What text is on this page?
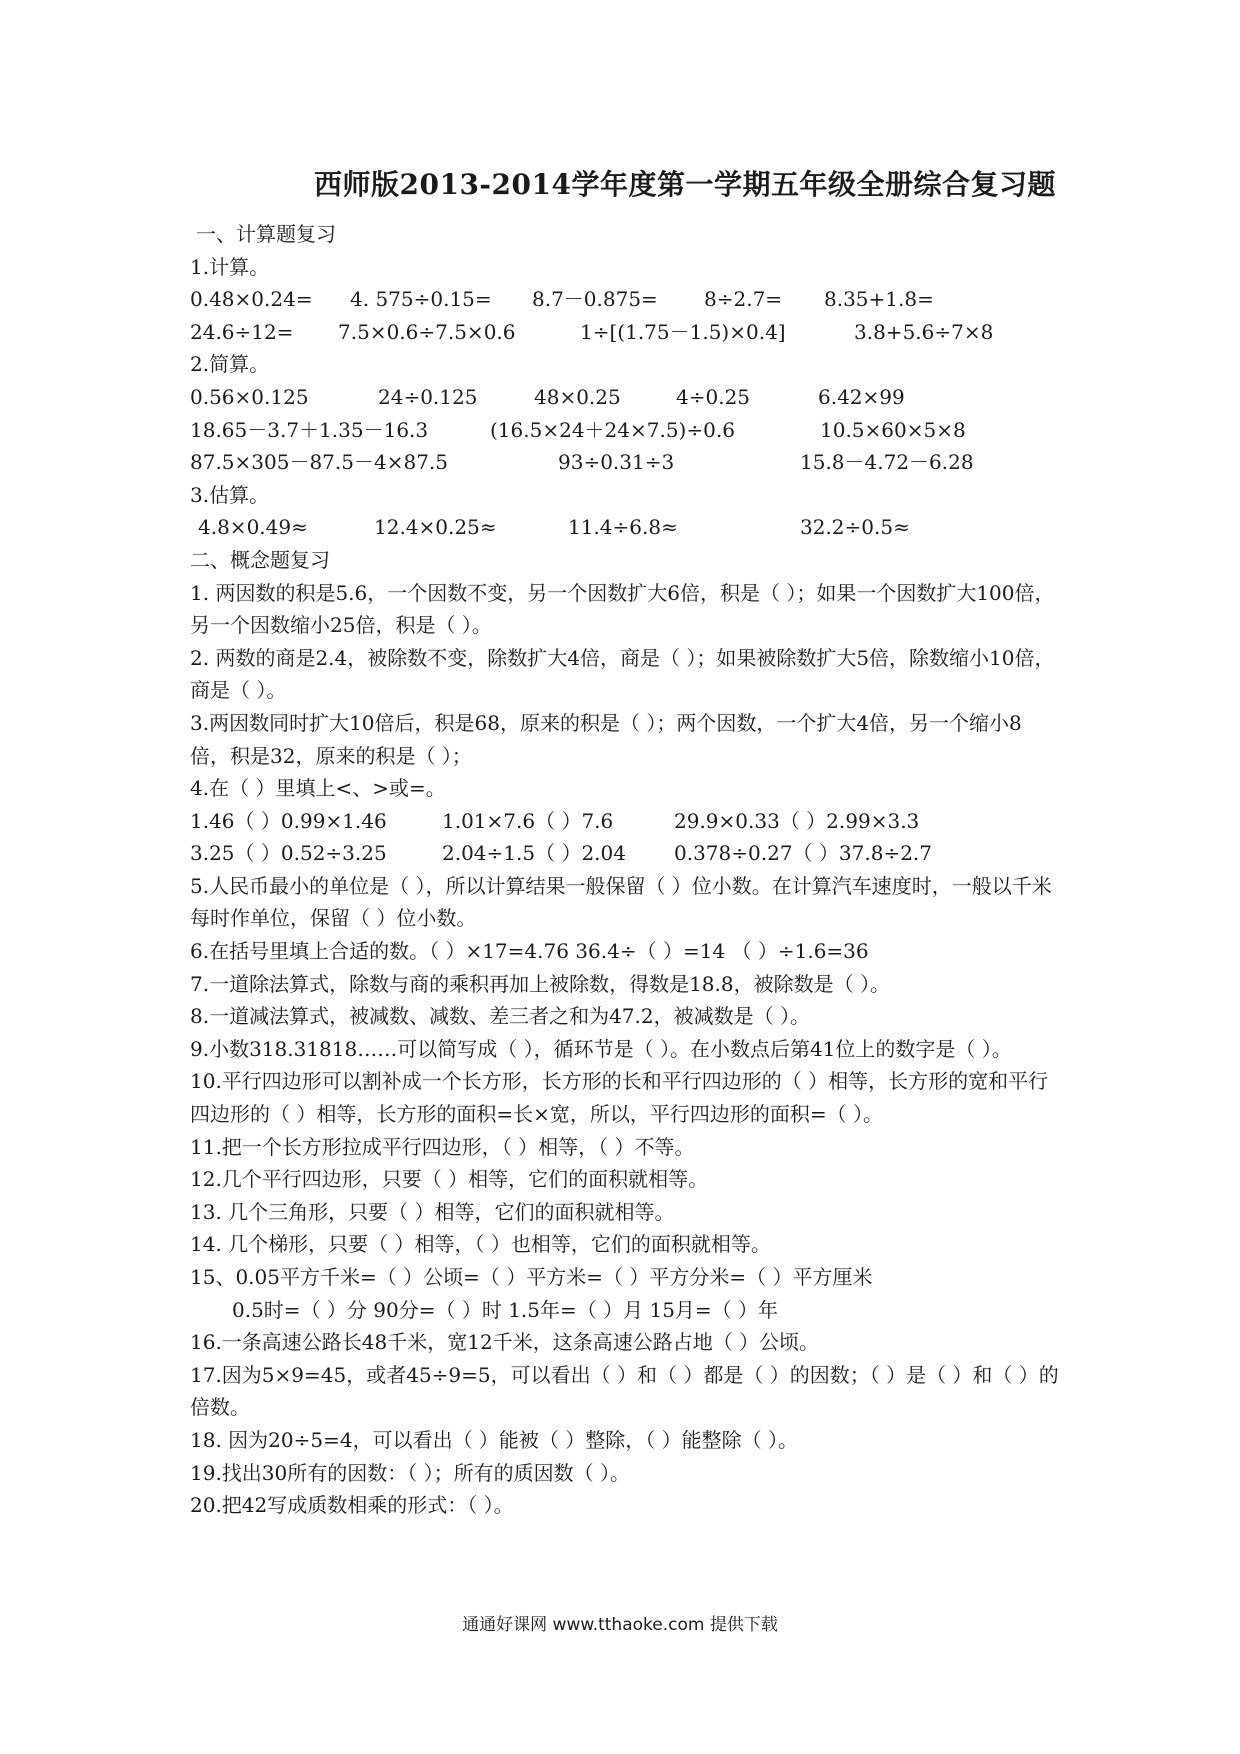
西师版2013-2014学年度第一学期五年级全册综合复习题
一、计算题复习
1.计算。
0.48×0.24=	4. 575÷0.15=	8.7－0.875=	8÷2.7=	8.35+1.8=
24.6÷12=	7.5×0.6÷7.5×0.6	1÷[(1.75－1.5)×0.4]	3.8+5.6÷7×8
2.简算。
0.56×0.125	24÷0.125	48×0.25	4÷0.25	6.42×99
18.65－3.7＋1.35－16.3	(16.5×24＋24×7.5)÷0.6	10.5×60×5×8
87.5×305－87.5－4×87.5	93÷0.31÷3	15.8－4.72－6.28
3.估算。
4.8×0.49≈	12.4×0.25≈	11.4÷6.8≈	32.2÷0.5≈
二、概念题复习
1. 两因数的积是5.6，一个因数不变，另一个因数扩大6倍，积是（ ）；如果一个因数扩大100倍，另一个因数缩小25倍，积是（ ）。
2. 两数的商是2.4，被除数不变，除数扩大4倍，商是（ ）；如果被除数扩大5倍，除数缩小10倍，商是（ ）。
3.两因数同时扩大10倍后，积是68，原来的积是（ ）；两个因数，一个扩大4倍，另一个缩小8倍，积是32，原来的积是（ ）；
4.在（ ）里填上<、>或=。
1.46（ ）0.99×1.46	1.01×7.6（ ）7.6	29.9×0.33（ ）2.99×3.3
3.25（ ）0.52÷3.25	2.04÷1.5（ ）2.04	0.378÷0.27（ ）37.8÷2.7
5.人民币最小的单位是（ ），所以计算结果一般保留（ ）位小数。在计算汽车速度时，一般以千米每时作单位，保留（ ）位小数。
6.在括号里填上合适的数。（ ）×17=4.76 36.4÷（ ）=14 （ ）÷1.6=36
7.一道除法算式，除数与商的乘积再加上被除数，得数是18.8，被除数是（ ）。
8.一道减法算式，被减数、减数、差三者之和为47.2，被减数是（ ）。
9.小数318.31818……可以简写成（ ），循环节是（ ）。在小数点后第41位上的数字是（ ）。
10.平行四边形可以割补成一个长方形，长方形的长和平行四边形的（ ）相等，长方形的宽和平行四边形的（ ）相等，长方形的面积=长×宽，所以，平行四边形的面积=（ ）。
11.把一个长方形拉成平行四边形，（ ）相等，（ ）不等。
12.几个平行四边形，只要（ ）相等，它们的面积就相等。
13. 几个三角形，只要（ ）相等，它们的面积就相等。
14. 几个梯形，只要（ ）相等，（ ）也相等，它们的面积就相等。
15、0.05平方千米=（ ）公顷=（ ）平方米=（ ）平方分米=（ ）平方厘米
0.5时=（ ）分 90分=（ ）时 1.5年=（ ）月 15月=（ ）年
16.一条高速公路长48千米，宽12千米，这条高速公路占地（ ）公顷。
17.因为5×9=45，或者45÷9=5，可以看出（ ）和（ ）都是（ ）的因数；（ ）是（ ）和（ ）的倍数。
18. 因为20÷5=4，可以看出（ ）能被（ ）整除，（ ）能整除（ ）。
19.找出30所有的因数：（ ）；所有的质因数（ ）。
20.把42写成质数相乘的形式：（ ）。
通通好课网 www.tthaoke.com 提供下载
